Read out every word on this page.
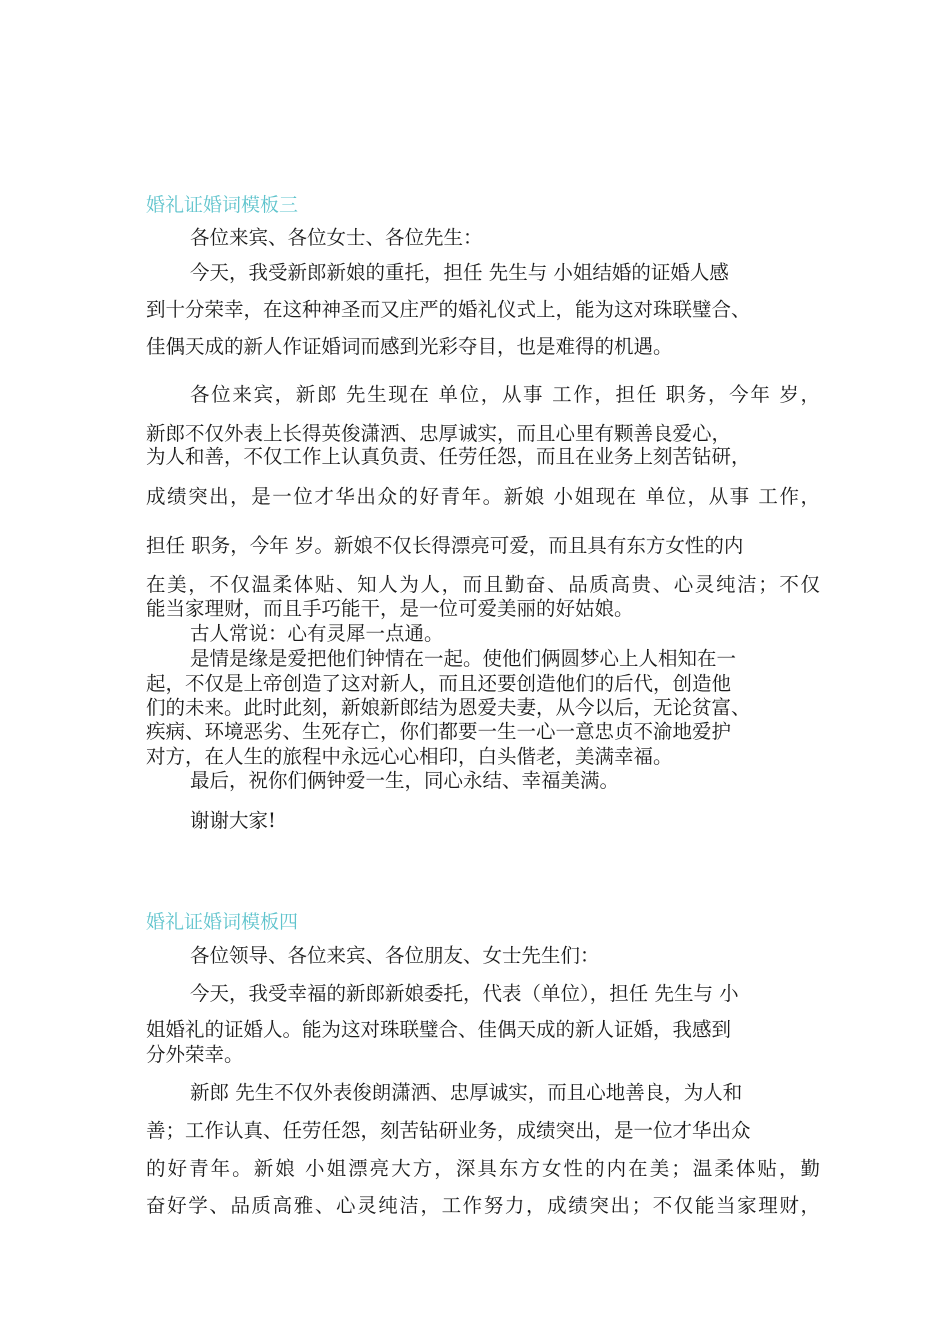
婚礼证婚词模板三
各位来宾、各位女士、各位先生：
今天，我受新郎新娘的重托，担任 先生与 小姐结婚的证婚人感
到十分荣幸，在这种神圣而又庄严的婚礼仪式上，能为这对珠联璧合、
佳偶天成的新人作证婚词而感到光彩夺目，也是难得的机遇。
各位来宾，新郎 先生现在 单位，从事 工作，担任 职务，今年 岁，
新郎不仅外表上长得英俊潇洒、忠厚诚实，而且心里有颗善良爱心，
为人和善，不仅工作上认真负责、任劳任怨，而且在业务上刻苦钻研，
成绩突出，是一位才华出众的好青年。新娘 小姐现在 单位，从事 工作，
担任 职务，今年 岁。新娘不仅长得漂亮可爱，而且具有东方女性的内
在美，不仅温柔体贴、知人为人，而且勤奋、品质高贵、心灵纯洁；不仅
能当家理财，而且手巧能干，是一位可爱美丽的好姑娘。
古人常说：心有灵犀一点通。
是情是缘是爱把他们钟情在一起。使他们俩圆梦心上人相知在一
起，不仅是上帝创造了这对新人，而且还要创造他们的后代，创造他
们的未来。此时此刻，新娘新郎结为恩爱夫妻，从今以后，无论贫富、
疾病、环境恶劣、生死存亡，你们都要一生一心一意忠贞不渝地爱护
对方，在人生的旅程中永远心心相印，白头偕老，美满幸福。
最后，祝你们俩钟爱一生，同心永结、幸福美满。
谢谢大家!
婚礼证婚词模板四
各位领导、各位来宾、各位朋友、女士先生们：
今天，我受幸福的新郎新娘委托，代表（单位），担任 先生与 小
姐婚礼的证婚人。能为这对珠联璧合、佳偶天成的新人证婚，我感到
分外荣幸。
新郎 先生不仅外表俊朗潇洒、忠厚诚实，而且心地善良，为人和
善；工作认真、任劳任怨，刻苦钻研业务，成绩突出，是一位才华出众
的好青年。新娘 小姐漂亮大方，深具东方女性的内在美；温柔体贴，勤
奋好学、品质高雅、心灵纯洁，工作努力，成绩突出；不仅能当家理财，
